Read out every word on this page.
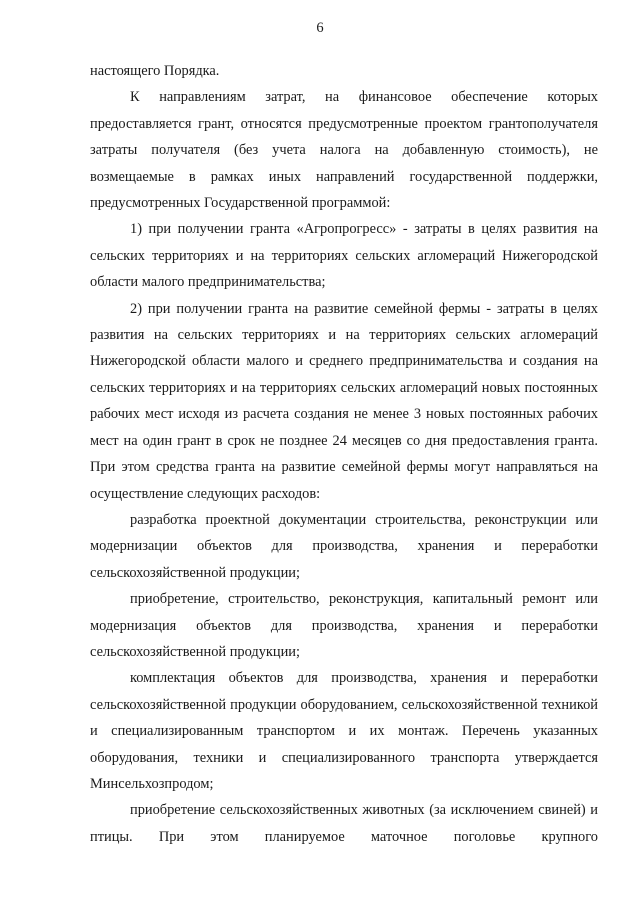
6

настоящего Порядка.

К направлениям затрат, на финансовое обеспечение которых предоставляется грант, относятся предусмотренные проектом грантополучателя затраты получателя (без учета налога на добавленную стоимость), не возмещаемые в рамках иных направлений государственной поддержки, предусмотренных Государственной программой:

1) при получении гранта «Агропрогресс» - затраты в целях развития на сельских территориях и на территориях сельских агломераций Нижегородской области малого предпринимательства;

2) при получении гранта на развитие семейной фермы - затраты в целях развития на сельских территориях и на территориях сельских агломераций Нижегородской области малого и среднего предпринимательства и создания на сельских территориях и на территориях сельских агломераций новых постоянных рабочих мест исходя из расчета создания не менее 3 новых постоянных рабочих мест на один грант в срок не позднее 24 месяцев со дня предоставления гранта. При этом средства гранта на развитие семейной фермы могут направляться на осуществление следующих расходов:

разработка проектной документации строительства, реконструкции или модернизации объектов для производства, хранения и переработки сельскохозяйственной продукции;

приобретение, строительство, реконструкция, капитальный ремонт или модернизация объектов для производства, хранения и переработки сельскохозяйственной продукции;

комплектация объектов для производства, хранения и переработки сельскохозяйственной продукции оборудованием, сельскохозяйственной техникой и специализированным транспортом и их монтаж. Перечень указанных оборудования, техники и специализированного транспорта утверждается Минсельхозпродом;

приобретение сельскохозяйственных животных (за исключением свиней) и птицы. При этом планируемое маточное поголовье крупного
